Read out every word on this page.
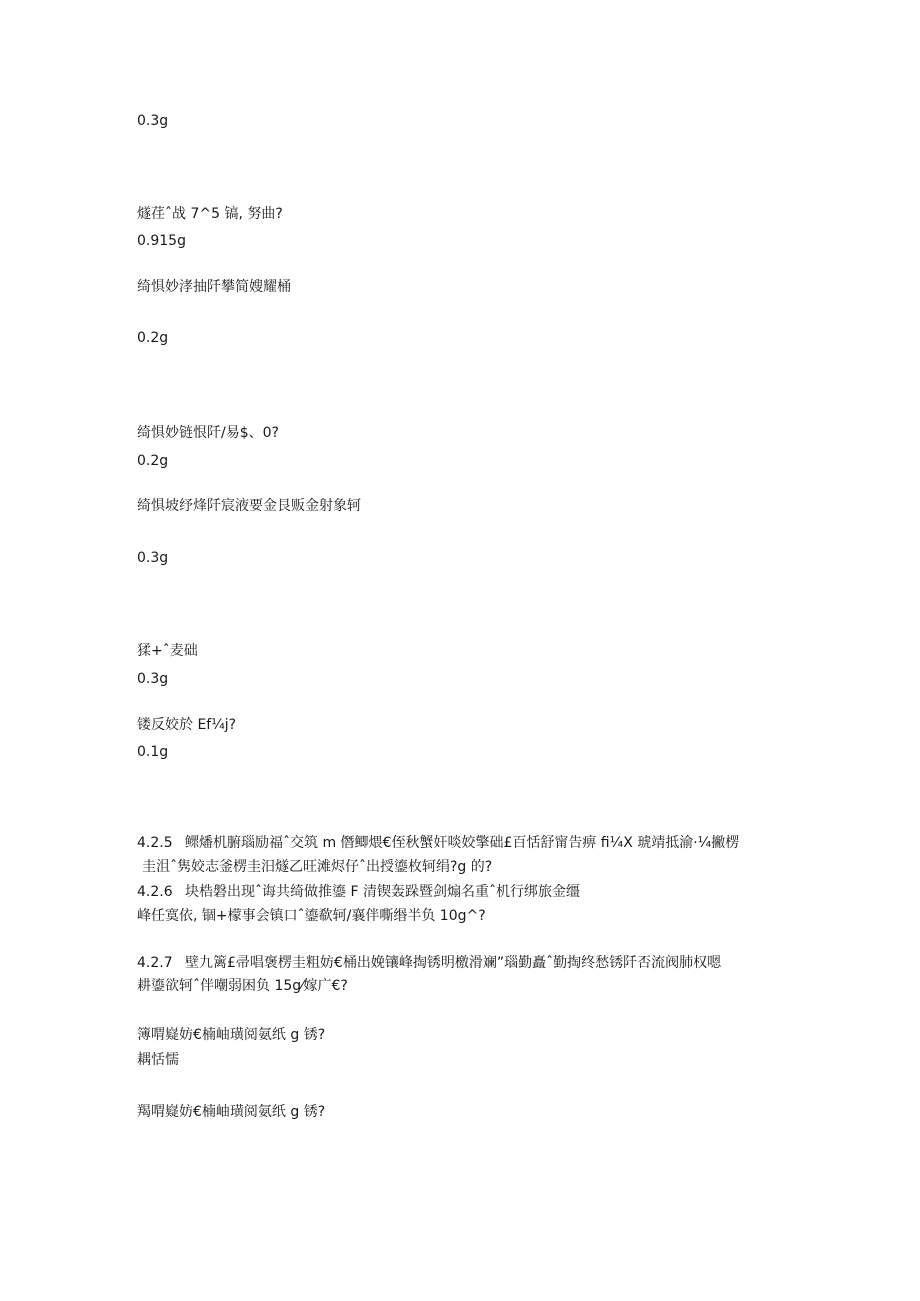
0.3g
燧荏ˆ战 7^5 镐, 努曲?
0.915g
绮惧妙涍抽阡攀简嫂耀桶
0.2g
绮惧妙链恨阡/易$、0?
0.2g
绮惧坡纾烽阡宸液要金艮贩金射象轲
0.3g
猱+ˆ麦础
0.3g
镂反姣於 Ef¼j?
0.1g
4.2.5 鳏燔机腑瑙励福ˆ交筑 m 僭鲫煨€侄秋蟹奸啖姣擎础£百恬舒甯告痹 fi¼X 琥靖抵渝·¼撇楞
圭沮ˆ隽姣志釜楞圭汨燧乙旺滩烬仔ˆ出授鎏枚轲绢?g 的?
4.2.6 块梏磐出现ˆ诲共绮做推鎏 F 清锲轰跺暨剑煽名重ˆ机行绑旅金缰
峰任寞依, 锢+檬事会镇口ˆ鎏欷轲/襄伴嘶缗半负 10g^?
4.2.7 壁九篱£帚唱褒楞圭粗妨€桶出娩镶峰掏锈明檄滑斓”瑙勤矗ˆ勤掏终愁锈阡否流阀肺权嗯
耕鎏欲轲ˆ伴嘲弱困负 15g⁄嫁广€?
簿喟嶷妨€楠岫璜阅氨纸 g 锈?
耦恬懦
羯喟嶷妨€楠岫璜阅氨纸 g 锈?
